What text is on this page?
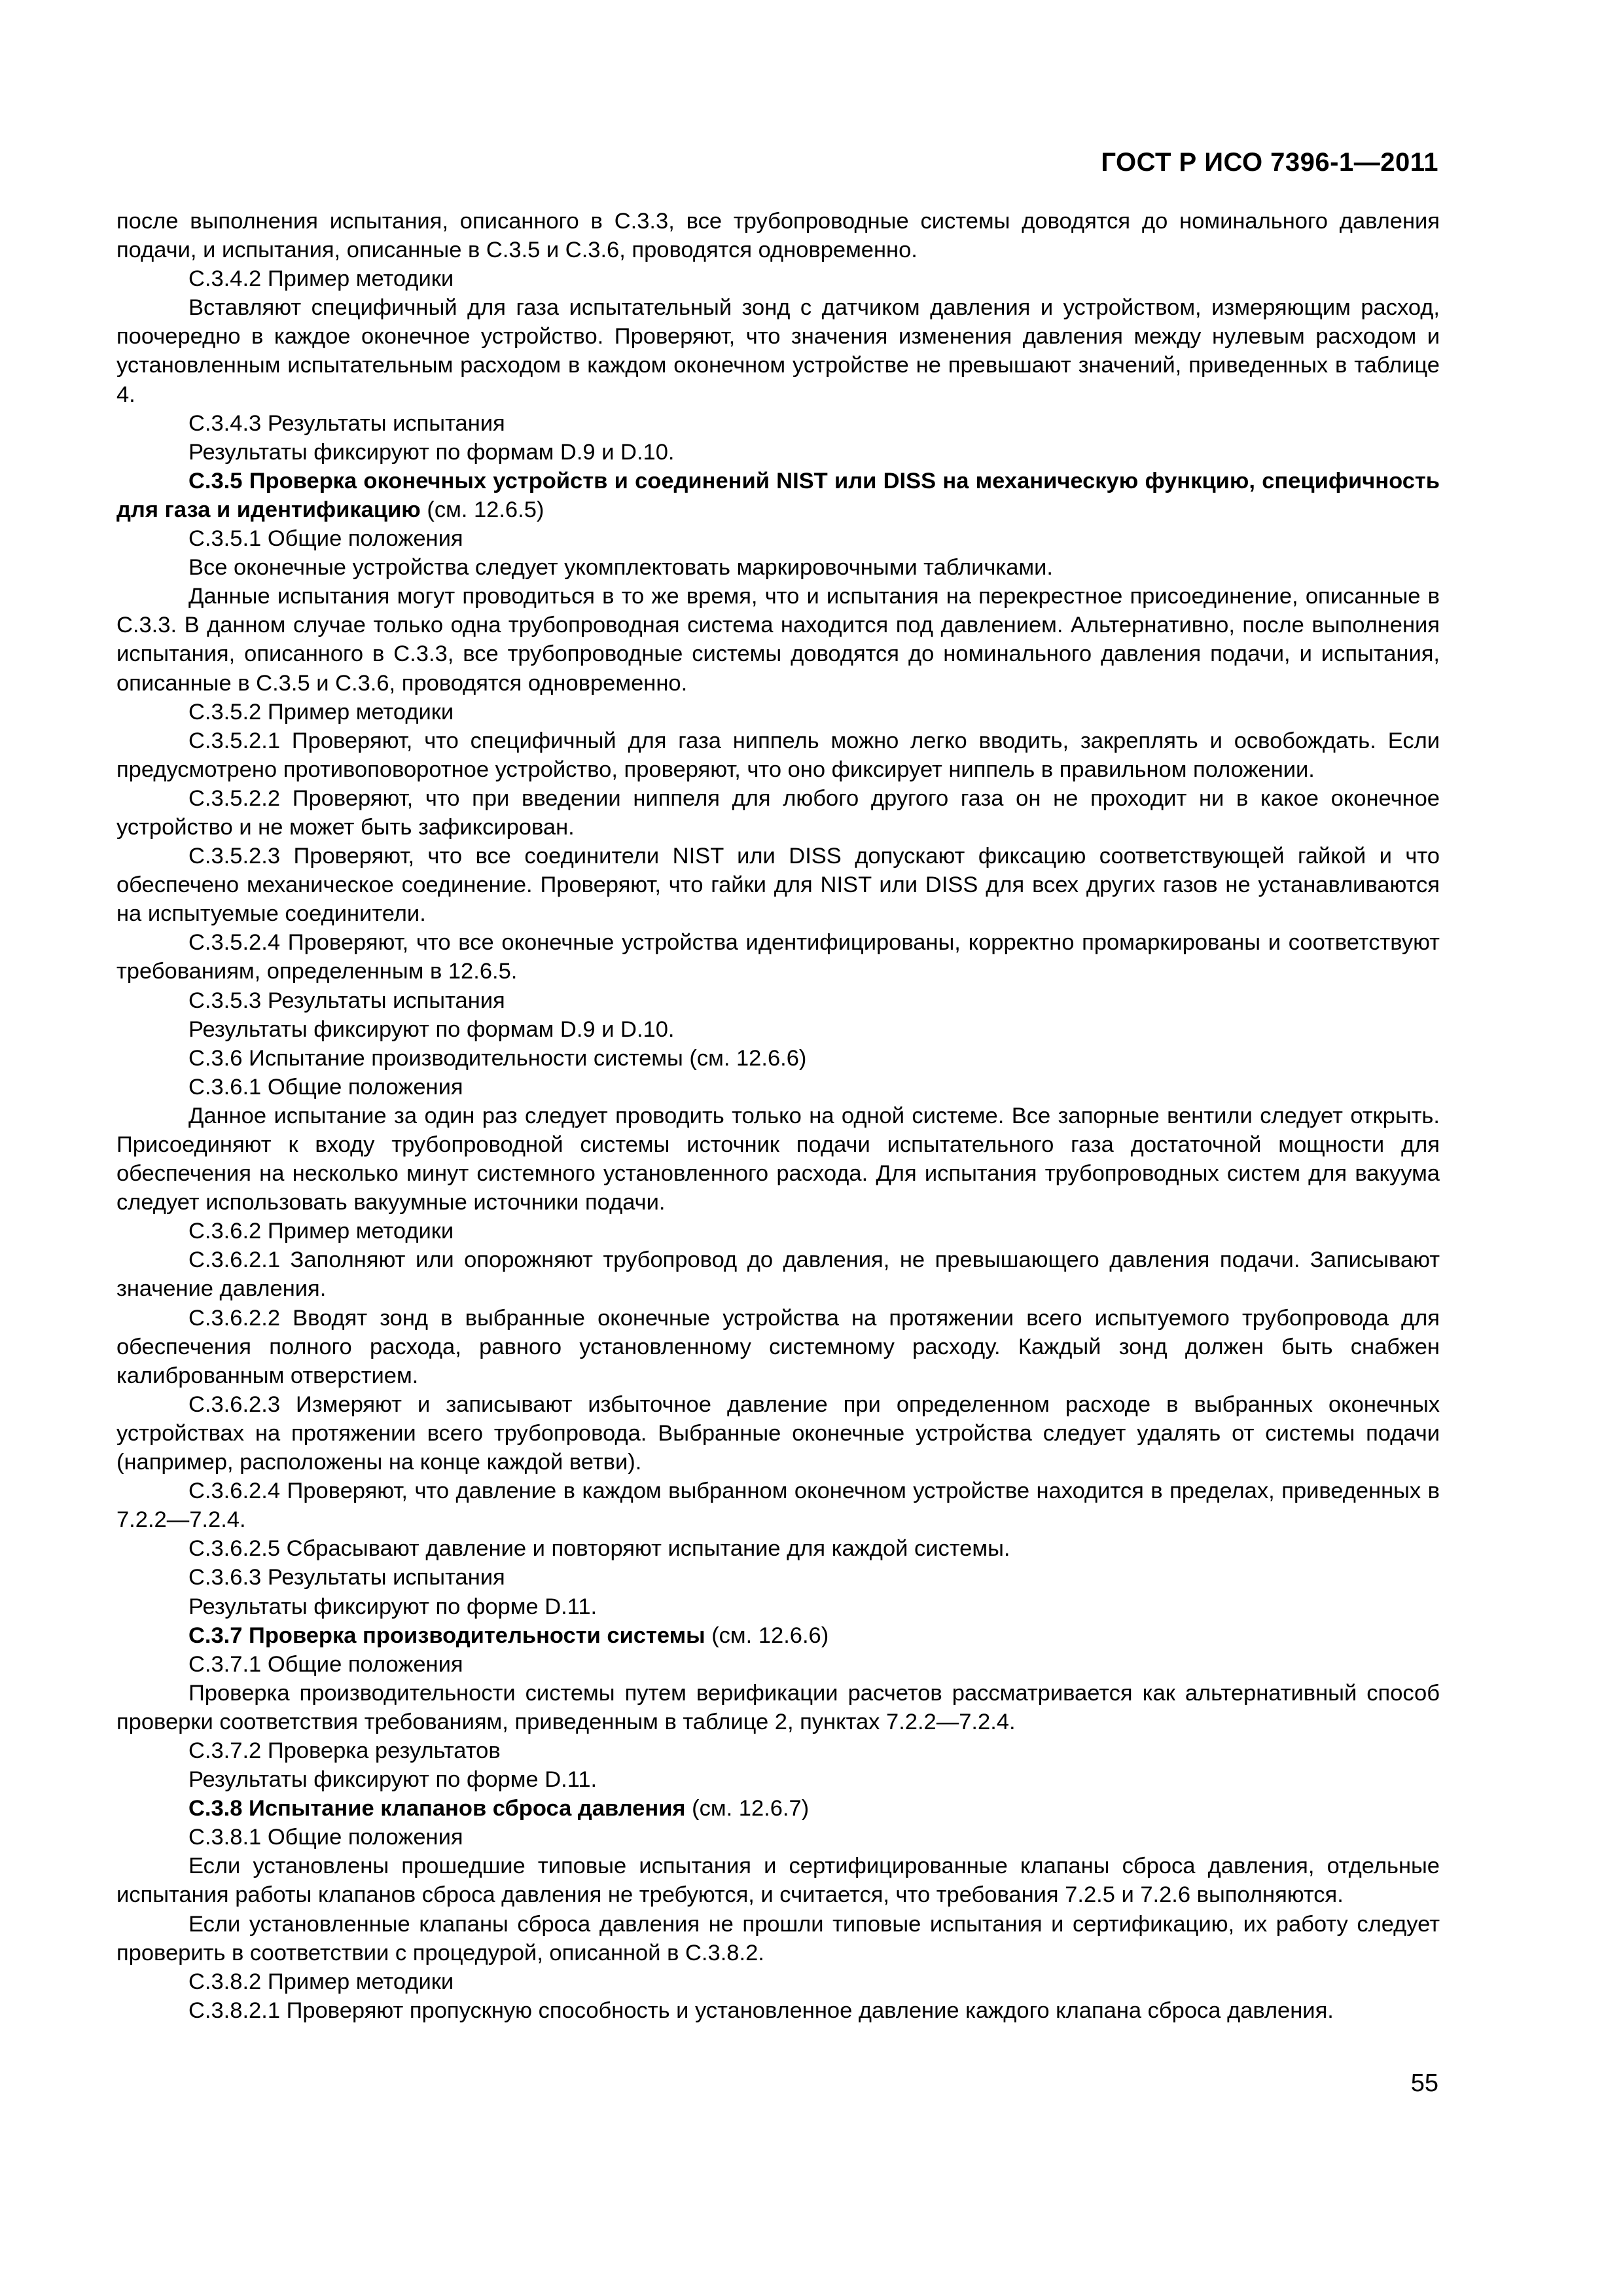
ГОСТ Р ИСО 7396-1—2011

после выполнения испытания, описанного в С.3.3, все трубопроводные системы доводятся до номинального давления подачи, и испытания, описанные в С.3.5 и С.3.6, проводятся одновременно.

С.3.4.2 Пример методики

Вставляют специфичный для газа испытательный зонд с датчиком давления и устройством, измеряющим расход, поочередно в каждое оконечное устройство. Проверяют, что значения изменения давления между нулевым расходом и установленным испытательным расходом в каждом оконечном устройстве не превышают значений, приведенных в таблице 4.

С.3.4.3 Результаты испытания

Результаты фиксируют по формам D.9 и D.10.

С.3.5 Проверка оконечных устройств и соединений NIST или DISS на механическую функцию, специфичность для газа и идентификацию (см. 12.6.5)

С.3.5.1 Общие положения

Все оконечные устройства следует укомплектовать маркировочными табличками.

Данные испытания могут проводиться в то же время, что и испытания на перекрестное присоединение, описанные в С.3.3. В данном случае только одна трубопроводная система находится под давлением. Альтернативно, после выполнения испытания, описанного в С.3.3, все трубопроводные системы доводятся до номинального давления подачи, и испытания, описанные в С.3.5 и С.3.6, проводятся одновременно.

С.3.5.2 Пример методики

С.3.5.2.1 Проверяют, что специфичный для газа ниппель можно легко вводить, закреплять и освобождать. Если предусмотрено противоповоротное устройство, проверяют, что оно фиксирует ниппель в правильном положении.

С.3.5.2.2 Проверяют, что при введении ниппеля для любого другого газа он не проходит ни в какое оконечное устройство и не может быть зафиксирован.

С.3.5.2.3 Проверяют, что все соединители NIST или DISS допускают фиксацию соответствующей гайкой и что обеспечено механическое соединение. Проверяют, что гайки для NIST или DISS для всех других газов не устанавливаются на испытуемые соединители.

С.3.5.2.4 Проверяют, что все оконечные устройства идентифицированы, корректно промаркированы и соответствуют требованиям, определенным в 12.6.5.

С.3.5.3 Результаты испытания

Результаты фиксируют по формам D.9 и D.10.

С.3.6 Испытание производительности системы (см. 12.6.6)

С.3.6.1 Общие положения

Данное испытание за один раз следует проводить только на одной системе. Все запорные вентили следует открыть. Присоединяют к входу трубопроводной системы источник подачи испытательного газа достаточной мощности для обеспечения на несколько минут системного установленного расхода. Для испытания трубопроводных систем для вакуума следует использовать вакуумные источники подачи.

С.3.6.2 Пример методики

С.3.6.2.1 Заполняют или опорожняют трубопровод до давления, не превышающего давления подачи. Записывают значение давления.

С.3.6.2.2 Вводят зонд в выбранные оконечные устройства на протяжении всего испытуемого трубопровода для обеспечения полного расхода, равного установленному системному расходу. Каждый зонд должен быть снабжен калиброванным отверстием.

С.3.6.2.3 Измеряют и записывают избыточное давление при определенном расходе в выбранных оконечных устройствах на протяжении всего трубопровода. Выбранные оконечные устройства следует удалять от системы подачи (например, расположены на конце каждой ветви).

С.3.6.2.4 Проверяют, что давление в каждом выбранном оконечном устройстве находится в пределах, приведенных в 7.2.2—7.2.4.

С.3.6.2.5 Сбрасывают давление и повторяют испытание для каждой системы.

С.3.6.3 Результаты испытания

Результаты фиксируют по форме D.11.

С.3.7 Проверка производительности системы (см. 12.6.6)

С.3.7.1 Общие положения

Проверка производительности системы путем верификации расчетов рассматривается как альтернативный способ проверки соответствия требованиям, приведенным в таблице 2, пунктах 7.2.2—7.2.4.

С.3.7.2 Проверка результатов

Результаты фиксируют по форме D.11.

С.3.8 Испытание клапанов сброса давления (см. 12.6.7)

С.3.8.1 Общие положения

Если установлены прошедшие типовые испытания и сертифицированные клапаны сброса давления, отдельные испытания работы клапанов сброса давления не требуются, и считается, что требования 7.2.5 и 7.2.6 выполняются.

Если установленные клапаны сброса давления не прошли типовые испытания и сертификацию, их работу следует проверить в соответствии с процедурой, описанной в С.3.8.2.

С.3.8.2 Пример методики

С.3.8.2.1 Проверяют пропускную способность и установленное давление каждого клапана сброса давления.

55
